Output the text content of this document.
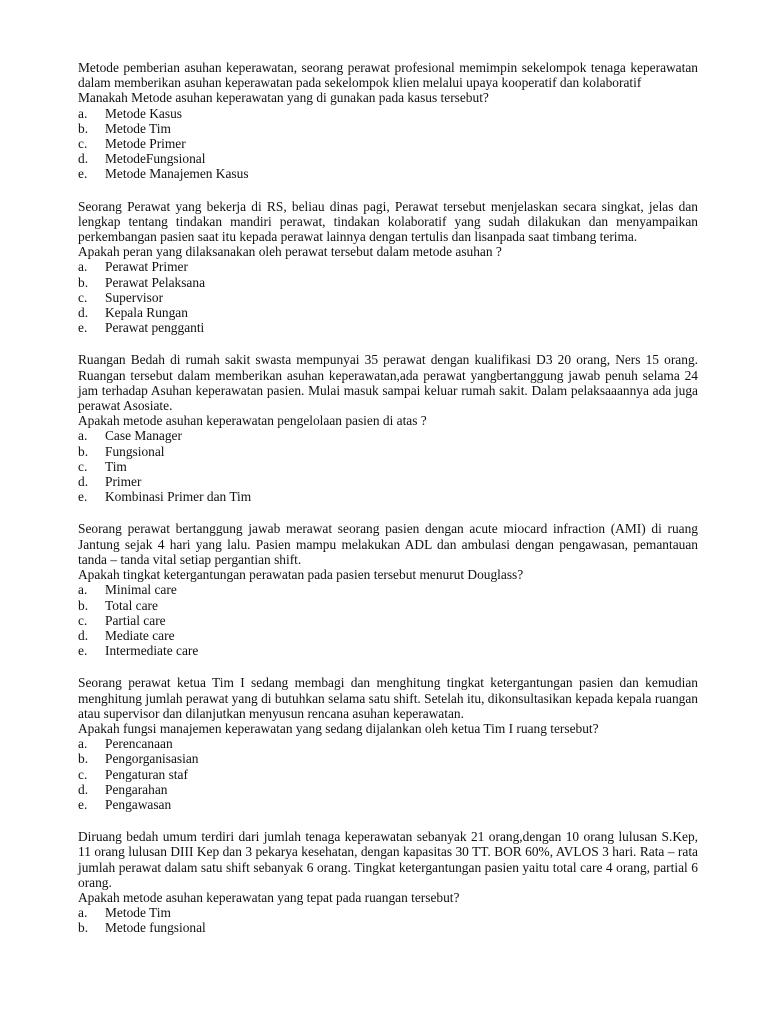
Metode pemberian asuhan keperawatan, seorang perawat profesional memimpin sekelompok tenaga keperawatan dalam memberikan asuhan keperawatan pada sekelompok klien melalui upaya kooperatif dan kolaboratif

Manakah Metode asuhan keperawatan yang di gunakan pada kasus tersebut?

a.	Metode Kasus
b.	Metode Tim
c.	Metode Primer
d.	MetodeFungsional
e.	Metode Manajemen Kasus

Seorang Perawat yang bekerja di RS, beliau dinas pagi, Perawat tersebut menjelaskan secara singkat, jelas dan lengkap tentang tindakan mandiri perawat, tindakan kolaboratif yang sudah dilakukan dan menyampaikan perkembangan pasien saat itu kepada perawat lainnya dengan tertulis dan lisanpada saat timbang terima.

Apakah peran yang dilaksanakan oleh perawat tersebut dalam metode asuhan ?

a.	Perawat Primer
b.	Perawat Pelaksana
c.	Supervisor
d.	Kepala Rungan
e.	Perawat pengganti

Ruangan Bedah di rumah sakit swasta mempunyai 35 perawat dengan kualifikasi D3 20 orang, Ners 15 orang. Ruangan tersebut dalam memberikan asuhan keperawatan,ada perawat yangbertanggung jawab penuh selama 24 jam terhadap Asuhan keperawatan pasien. Mulai masuk sampai keluar rumah sakit. Dalam pelaksaaannya ada juga perawat Asosiate.

Apakah metode asuhan keperawatan pengelolaan pasien di atas ?

a.	Case Manager
b.	Fungsional
c.	Tim
d.	Primer
e.	Kombinasi Primer dan Tim

Seorang perawat bertanggung jawab merawat seorang pasien dengan acute miocard infraction (AMI) di ruang Jantung sejak 4 hari yang lalu. Pasien mampu melakukan ADL dan ambulasi dengan pengawasan, pemantauan tanda – tanda vital setiap pergantian shift.

Apakah tingkat ketergantungan perawatan pada pasien tersebut menurut Douglass?

a.	Minimal care
b.	Total care
c.	Partial care
d.	Mediate care
e.	Intermediate care

Seorang perawat ketua Tim I sedang membagi dan menghitung tingkat ketergantungan pasien dan kemudian menghitung jumlah perawat yang di butuhkan selama satu shift. Setelah itu, dikonsultasikan kepada kepala ruangan atau supervisor dan dilanjutkan menyusun rencana asuhan keperawatan.

Apakah fungsi manajemen keperawatan yang sedang dijalankan oleh ketua Tim I ruang tersebut?

a.	Perencanaan
b.	Pengorganisasian
c.	Pengaturan staf
d.	Pengarahan
e.	Pengawasan

Diruang bedah umum terdiri dari jumlah tenaga keperawatan sebanyak 21 orang,dengan 10 orang lulusan S.Kep, 11 orang lulusan DIII Kep dan 3 pekarya kesehatan, dengan kapasitas 30 TT. BOR 60%, AVLOS 3 hari. Rata – rata jumlah perawat dalam satu shift sebanyak 6 orang. Tingkat ketergantungan pasien yaitu total care 4 orang, partial 6 orang.

Apakah metode asuhan keperawatan yang tepat pada ruangan tersebut?

a.	Metode Tim
b.	Metode fungsional
